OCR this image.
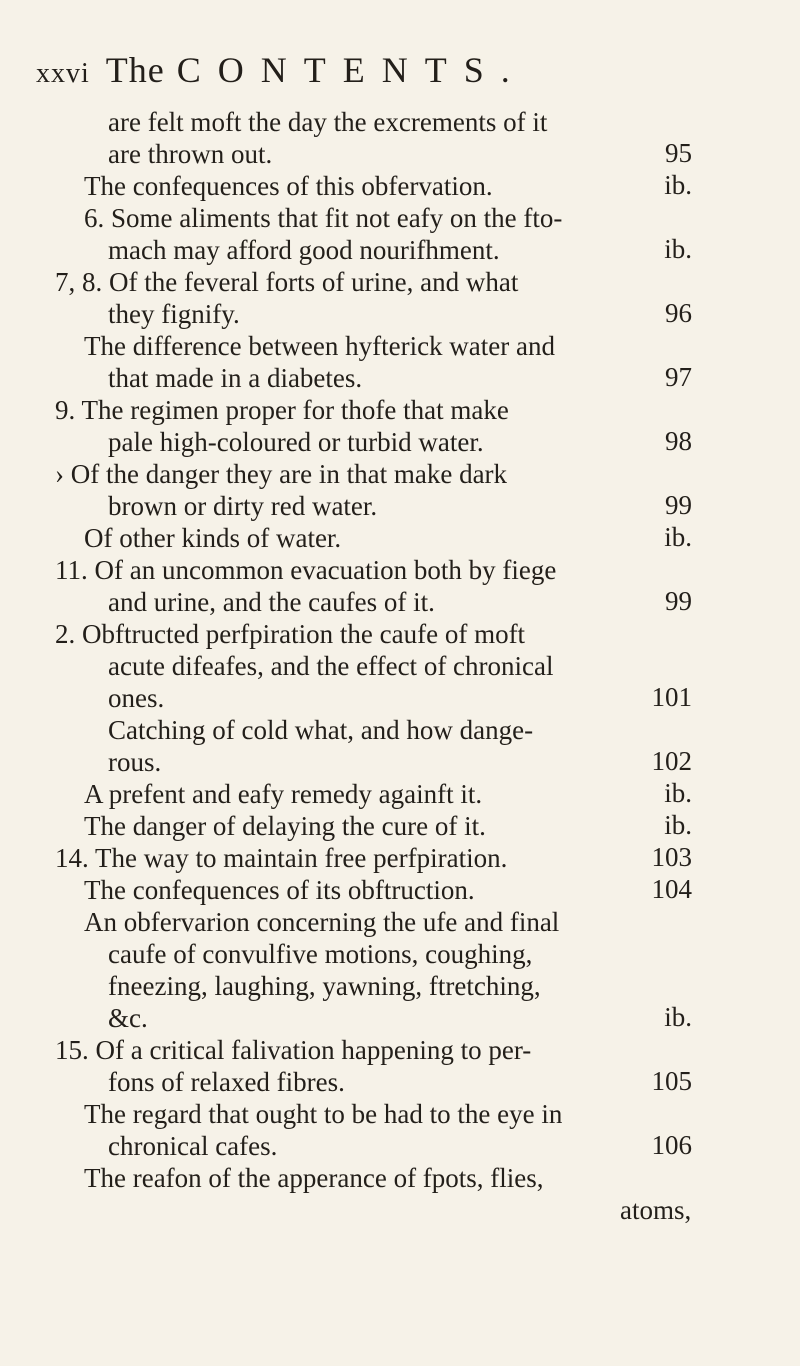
xxvi The CONTENTS.
are felt moft the day the excrements of it
are thrown out.
The confequences of this obfervation.
6. Some aliments that fit not eafy on the fto-
mach may afford good nourifhment.
7, 8. Of the feveral forts of urine, and what
they fignify.
The difference between hyfterick water and
that made in a diabetes.
9. The regimen proper for thofe that make
pale high-coloured or turbid water.
› Of the danger they are in that make dark
brown or dirty red water.
Of other kinds of water.
11. Of an uncommon evacuation both by fiege
and urine, and the caufes of it.
2. Obftructed perfpiration the caufe of moft
acute difeafes, and the effect of chronical
ones.
Catching of cold what, and how dange-
rous.
A prefent and eafy remedy againft it.
The danger of delaying the cure of it.
14. The way to maintain free perfpiration.
The confequences of its obftruction.
An obfervarion concerning the ufe and final
caufe of convulfive motions, coughing,
fneezing, laughing, yawning, ftretching,
&c.
15. Of a critical falivation happening to per-
fons of relaxed fibres.
The regard that ought to be had to the eye in
chronical cafes.
The reafon of the apperance of fpots, flies,
atoms,
95
ib.
ib.
96
97
98
99
ib.
99
101
102
ib.
ib.
103
104
ib.
105
106
